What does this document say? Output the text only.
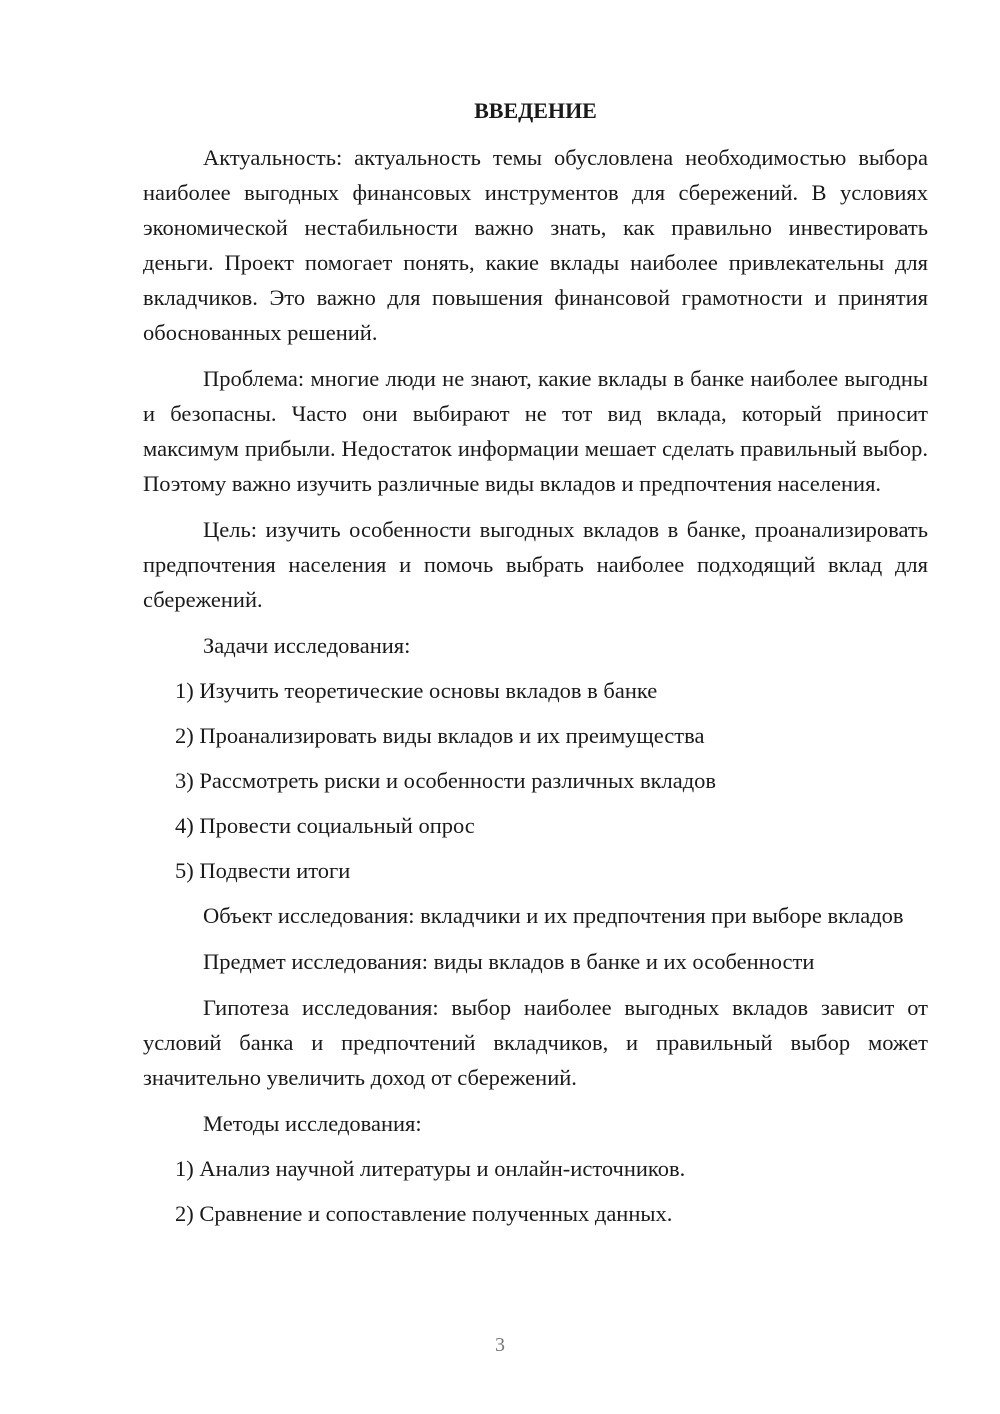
ВВЕДЕНИЕ

Актуальность: актуальность темы обусловлена необходимостью выбора наиболее выгодных финансовых инструментов для сбережений. В условиях экономической нестабильности важно знать, как правильно инвестировать деньги. Проект помогает понять, какие вклады наиболее привлекательны для вкладчиков. Это важно для повышения финансовой грамотности и принятия обоснованных решений.

Проблема: многие люди не знают, какие вклады в банке наиболее выгодны и безопасны. Часто они выбирают не тот вид вклада, который приносит максимум прибыли. Недостаток информации мешает сделать правильный выбор. Поэтому важно изучить различные виды вкладов и предпочтения населения.

Цель: изучить особенности выгодных вкладов в банке, проанализировать предпочтения населения и помочь выбрать наиболее подходящий вклад для сбережений.

Задачи исследования:

1) Изучить теоретические основы вкладов в банке

2) Проанализировать виды вкладов и их преимущества

3) Рассмотреть риски и особенности различных вкладов

4) Провести социальный опрос

5) Подвести итоги

Объект исследования: вкладчики и их предпочтения при выборе вкладов

Предмет исследования: виды вкладов в банке и их особенности

Гипотеза исследования: выбор наиболее выгодных вкладов зависит от условий банка и предпочтений вкладчиков, и правильный выбор может значительно увеличить доход от сбережений.

Методы исследования:

1) Анализ научной литературы и онлайн-источников.

2) Сравнение и сопоставление полученных данных.

3
